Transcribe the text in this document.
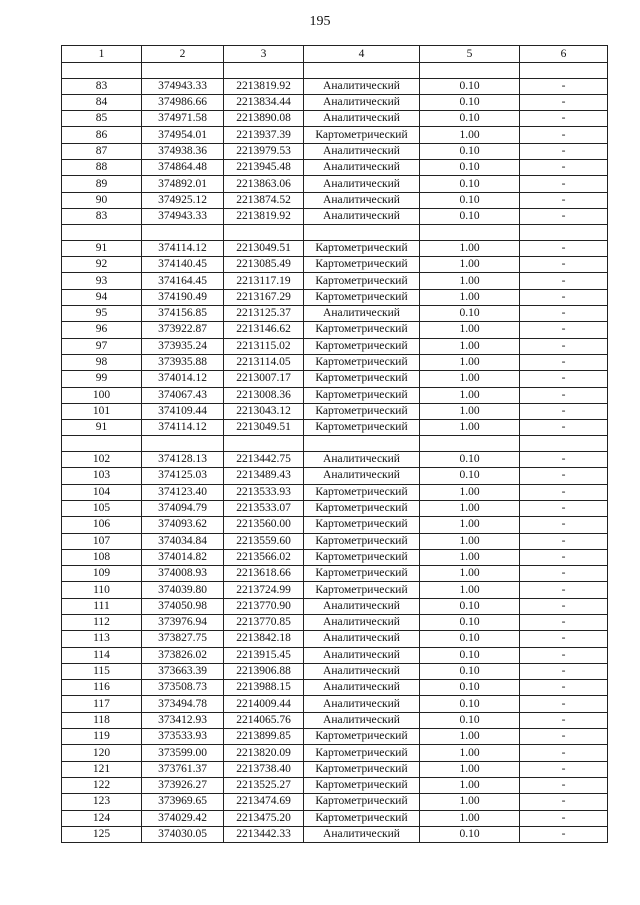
195
1	2	3	4	5	6

83	374943.33	2213819.92	Аналитический	0.10	-
84	374986.66	2213834.44	Аналитический	0.10	-
85	374971.58	2213890.08	Аналитический	0.10	-
86	374954.01	2213937.39	Картометрический	1.00	-
87	374938.36	2213979.53	Аналитический	0.10	-
88	374864.48	2213945.48	Аналитический	0.10	-
89	374892.01	2213863.06	Аналитический	0.10	-
90	374925.12	2213874.52	Аналитический	0.10	-
83	374943.33	2213819.92	Аналитический	0.10	-

91	374114.12	2213049.51	Картометрический	1.00	-
92	374140.45	2213085.49	Картометрический	1.00	-
93	374164.45	2213117.19	Картометрический	1.00	-
94	374190.49	2213167.29	Картометрический	1.00	-
95	374156.85	2213125.37	Аналитический	0.10	-
96	373922.87	2213146.62	Картометрический	1.00	-
97	373935.24	2213115.02	Картометрический	1.00	-
98	373935.88	2213114.05	Картометрический	1.00	-
99	374014.12	2213007.17	Картометрический	1.00	-
100	374067.43	2213008.36	Картометрический	1.00	-
101	374109.44	2213043.12	Картометрический	1.00	-
91	374114.12	2213049.51	Картометрический	1.00	-

102	374128.13	2213442.75	Аналитический	0.10	-
103	374125.03	2213489.43	Аналитический	0.10	-
104	374123.40	2213533.93	Картометрический	1.00	-
105	374094.79	2213533.07	Картометрический	1.00	-
106	374093.62	2213560.00	Картометрический	1.00	-
107	374034.84	2213559.60	Картометрический	1.00	-
108	374014.82	2213566.02	Картометрический	1.00	-
109	374008.93	2213618.66	Картометрический	1.00	-
110	374039.80	2213724.99	Картометрический	1.00	-
111	374050.98	2213770.90	Аналитический	0.10	-
112	373976.94	2213770.85	Аналитический	0.10	-
113	373827.75	2213842.18	Аналитический	0.10	-
114	373826.02	2213915.45	Аналитический	0.10	-
115	373663.39	2213906.88	Аналитический	0.10	-
116	373508.73	2213988.15	Аналитический	0.10	-
117	373494.78	2214009.44	Аналитический	0.10	-
118	373412.93	2214065.76	Аналитический	0.10	-
119	373533.93	2213899.85	Картометрический	1.00	-
120	373599.00	2213820.09	Картометрический	1.00	-
121	373761.37	2213738.40	Картометрический	1.00	-
122	373926.27	2213525.27	Картометрический	1.00	-
123	373969.65	2213474.69	Картометрический	1.00	-
124	374029.42	2213475.20	Картометрический	1.00	-
125	374030.05	2213442.33	Аналитический	0.10	-
